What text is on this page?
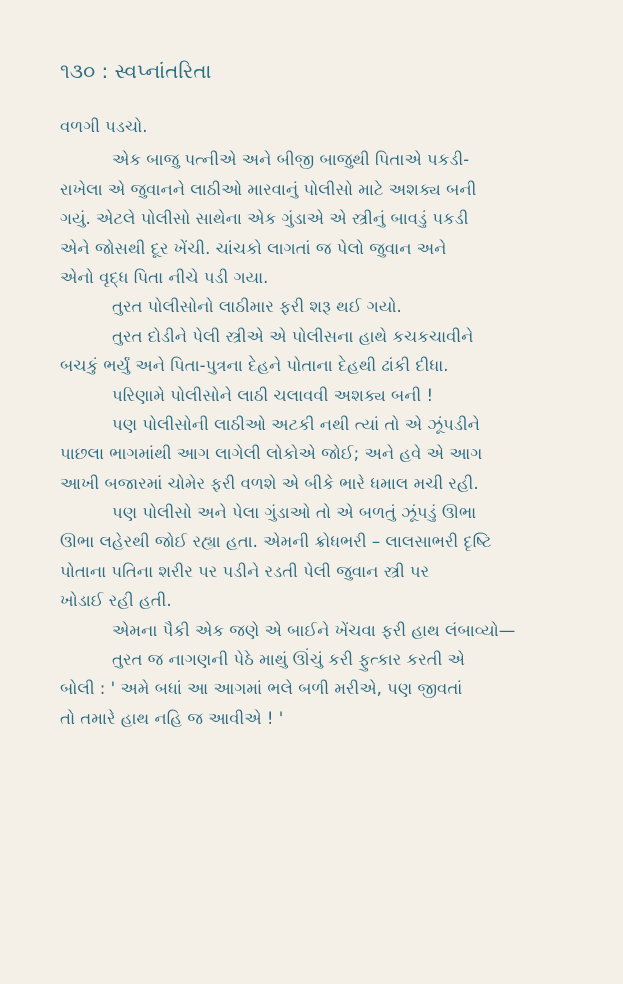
૧૩૦ : સ્વપ્નાંતરિતા
વળગી પડચો.
એક બાજુ પત્નીએ અને બીજી બાજુથી પિતાએ પકડી-
રાખેલા એ જુવાનને લાઠીઓ મારવાનું પોલીસો માટે અશક્ય બની
ગયું. એટલે પોલીસો સાથેના એક ગુંડાએ એ સ્ત્રીનું બાવડું પકડી
એને જોસથી દૂર ખેંચી. ચાંચકો લાગતાં જ પેલો જુવાન અને
એનો વૃદ્ધ પિતા નીચે પડી ગયા.
તુરત પોલીસોનો લાઠીમાર ફરી શરૂ થઈ ગયો.
તુરત દોડીને પેલી સ્ત્રીએ એ પોલીસના હાથે કચકચાવીને
બચકું ભર્યું અને પિતા-પુત્રના દેહને પોતાના દેહથી ઢાંકી દીધા.
પરિણામે પોલીસોને લાઠી ચલાવવી અશક્ય બની !
પણ પોલીસોની લાઠીઓ અટકી નથી ત્યાં તો એ ઝૂંપડીને
પાછલા ભાગમાંથી આગ લાગેલી લોકોએ જોઈ; અને હવે એ આગ
આખી બજારમાં ચોમેર ફરી વળશે એ બીકે ભારે ધમાલ મચી રહી.
પણ પોલીસો અને પેલા ગુંડાઓ તો એ બળતું ઝૂંપડું ઊભા
ઊભા લહેરથી જોઈ રહ્યા હતા. એમની ક્રોધભરી – લાલસાભરી દૃષ્ટિ
પોતાના પતિના શરીર પર પડીને રડતી પેલી જુવાન સ્ત્રી પર
ખોડાઈ રહી હતી.
એમના પૈકી એક જણે એ બાઈને ખેંચવા ફરી હાથ લંબાવ્યો—
તુરત જ નાગણની પેઠે માથું ઊંચું કરી ફુત્કાર કરતી એ
બોલી : ' અમે બધાં આ આગમાં ભલે બળી મરીએ, પણ જીવતાં
તો તમારે હાથ નહિ જ આવીએ ! '
